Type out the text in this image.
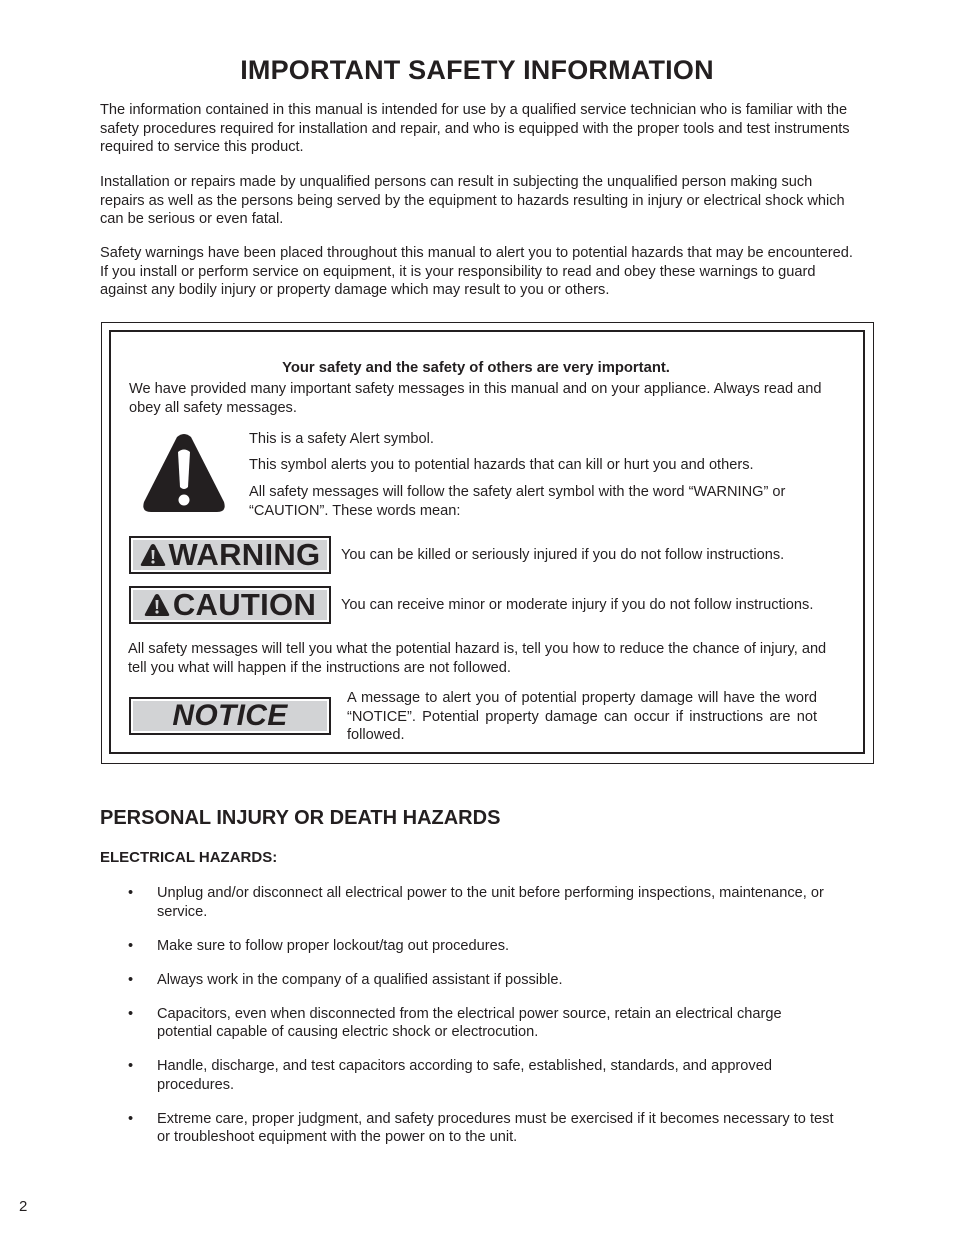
IMPORTANT SAFETY INFORMATION

The information contained in this manual is intended for use by a qualified service technician who is familiar with the safety procedures required for installation and repair, and who is equipped with the proper tools and test instruments required to service this product.

Installation or repairs made by unqualified persons can result in subjecting the unqualified person making such repairs as well as the persons being served by the equipment to hazards resulting in injury or electrical shock which can be serious or even fatal.

Safety warnings have been placed throughout this manual to alert you to potential hazards that may be encountered. If you install or perform service on equipment, it is your responsibility to read and obey these warnings to guard against any bodily injury or property damage which may result to you or others.

Your safety and the safety of others are very important.
We have provided many important safety messages in this manual and on your appliance. Always read and obey all safety messages.
This is a safety Alert symbol.
This symbol alerts you to potential hazards that can kill or hurt you and others.
All safety messages will follow the safety alert symbol with the word “WARNING” or “CAUTION”. These words mean:
WARNING You can be killed or seriously injured if you do not follow instructions.
CAUTION You can receive minor or moderate injury if you do not follow instructions.
All safety messages will tell you what the potential hazard is, tell you how to reduce the chance of injury, and tell you what will happen if the instructions are not followed.
NOTICE
A message to alert you of potential property damage will have the word “NOTICE”. Potential property damage can occur if instructions are not followed.
PERSONAL INJURY OR DEATH HAZARDS
ELECTRICAL HAZARDS:
• Unplug and/or disconnect all electrical power to the unit before performing inspections, maintenance, or service.
• Make sure to follow proper lockout/tag out procedures.
• Always work in the company of a qualified assistant if possible.
• Capacitors, even when disconnected from the electrical power source, retain an electrical charge potential capable of causing electric shock or electrocution.
• Handle, discharge, and test capacitors according to safe, established, standards, and approved procedures.
• Extreme care, proper judgment, and safety procedures must be exercised if it becomes necessary to test or troubleshoot equipment with the power on to the unit.
2
